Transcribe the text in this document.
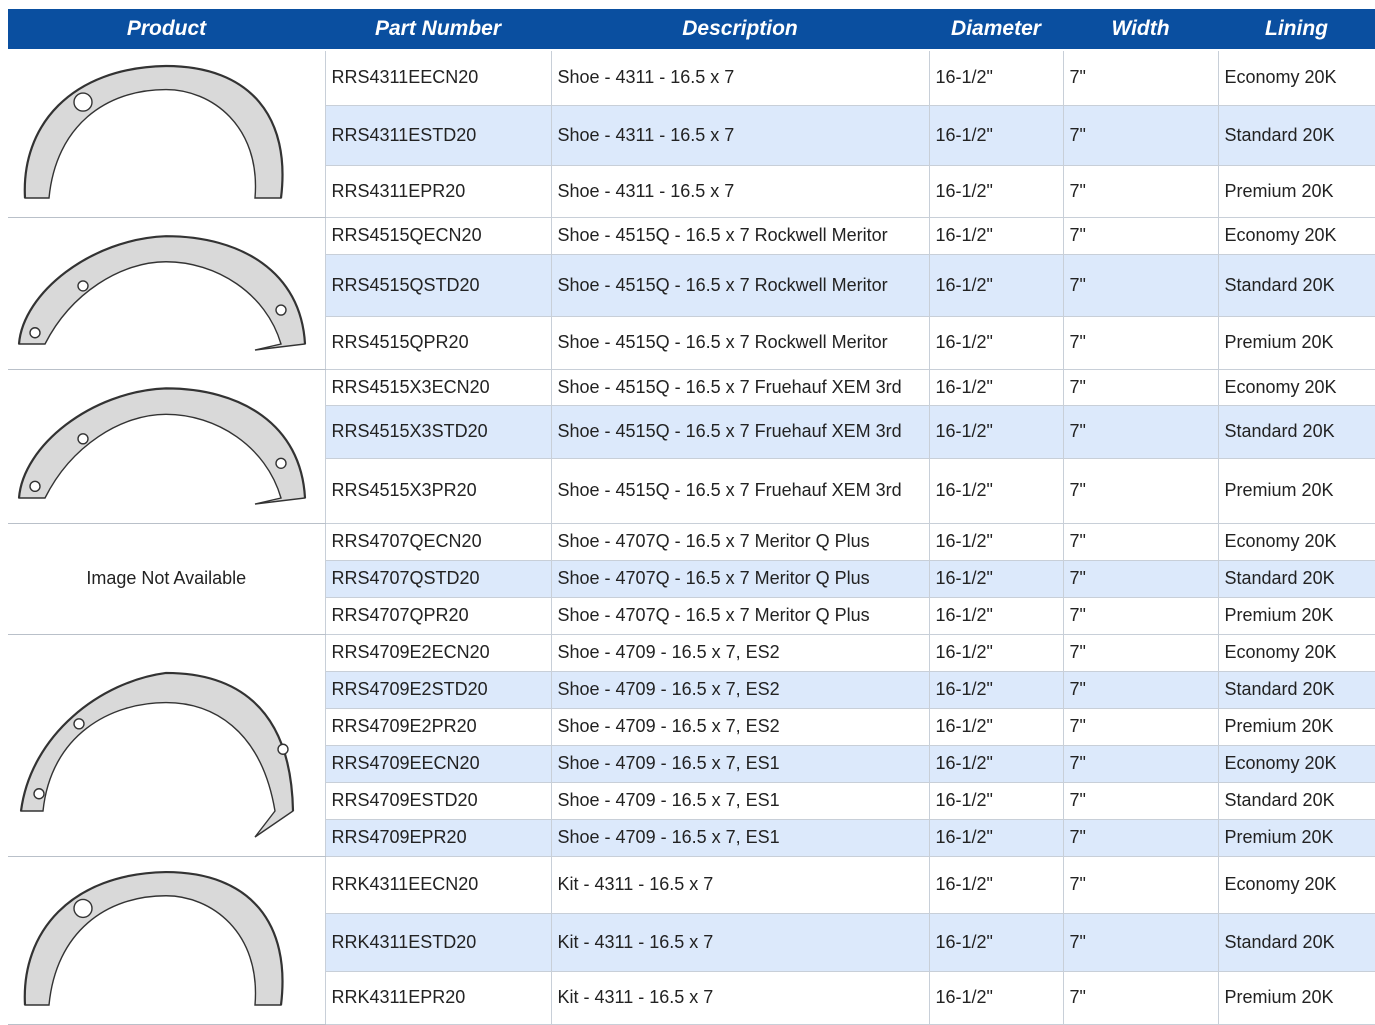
Product	Part Number	Description	Diameter	Width	Lining

	RRS4311EECN20	Shoe - 4311 - 16.5 x 7	16-1/2"	7"	Economy 20K
	RRS4311ESTD20	Shoe - 4311 - 16.5 x 7	16-1/2"	7"	Standard 20K
	RRS4311EPR20	Shoe - 4311 - 16.5 x 7	16-1/2"	7"	Premium 20K

	RRS4515QECN20	Shoe - 4515Q - 16.5 x 7 Rockwell Meritor	16-1/2"	7"	Economy 20K
	RRS4515QSTD20	Shoe - 4515Q - 16.5 x 7 Rockwell Meritor	16-1/2"	7"	Standard 20K
	RRS4515QPR20	Shoe - 4515Q - 16.5 x 7 Rockwell Meritor	16-1/2"	7"	Premium 20K

	RRS4515X3ECN20	Shoe - 4515Q - 16.5 x 7 Fruehauf XEM 3rd	16-1/2"	7"	Economy 20K
	RRS4515X3STD20	Shoe - 4515Q - 16.5 x 7 Fruehauf XEM 3rd	16-1/2"	7"	Standard 20K
	RRS4515X3PR20	Shoe - 4515Q - 16.5 x 7 Fruehauf XEM 3rd	16-1/2"	7"	Premium 20K
Image Not Available	RRS4707QECN20	Shoe - 4707Q - 16.5 x 7 Meritor Q Plus	16-1/2"	7"	Economy 20K
	RRS4707QSTD20	Shoe - 4707Q - 16.5 x 7 Meritor Q Plus	16-1/2"	7"	Standard 20K
	RRS4707QPR20	Shoe - 4707Q - 16.5 x 7 Meritor Q Plus	16-1/2"	7"	Premium 20K

	RRS4709E2ECN20	Shoe - 4709 - 16.5 x 7, ES2	16-1/2"	7"	Economy 20K
	RRS4709E2STD20	Shoe - 4709 - 16.5 x 7, ES2	16-1/2"	7"	Standard 20K
	RRS4709E2PR20	Shoe - 4709 - 16.5 x 7, ES2	16-1/2"	7"	Premium 20K
	RRS4709EECN20	Shoe - 4709 - 16.5 x 7, ES1	16-1/2"	7"	Economy 20K
	RRS4709ESTD20	Shoe - 4709 - 16.5 x 7, ES1	16-1/2"	7"	Standard 20K
	RRS4709EPR20	Shoe - 4709 - 16.5 x 7, ES1	16-1/2"	7"	Premium 20K

	RRK4311EECN20	Kit - 4311 - 16.5 x 7	16-1/2"	7"	Economy 20K
	RRK4311ESTD20	Kit - 4311 - 16.5 x 7	16-1/2"	7"	Standard 20K
	RRK4311EPR20	Kit - 4311 - 16.5 x 7	16-1/2"	7"	Premium 20K
